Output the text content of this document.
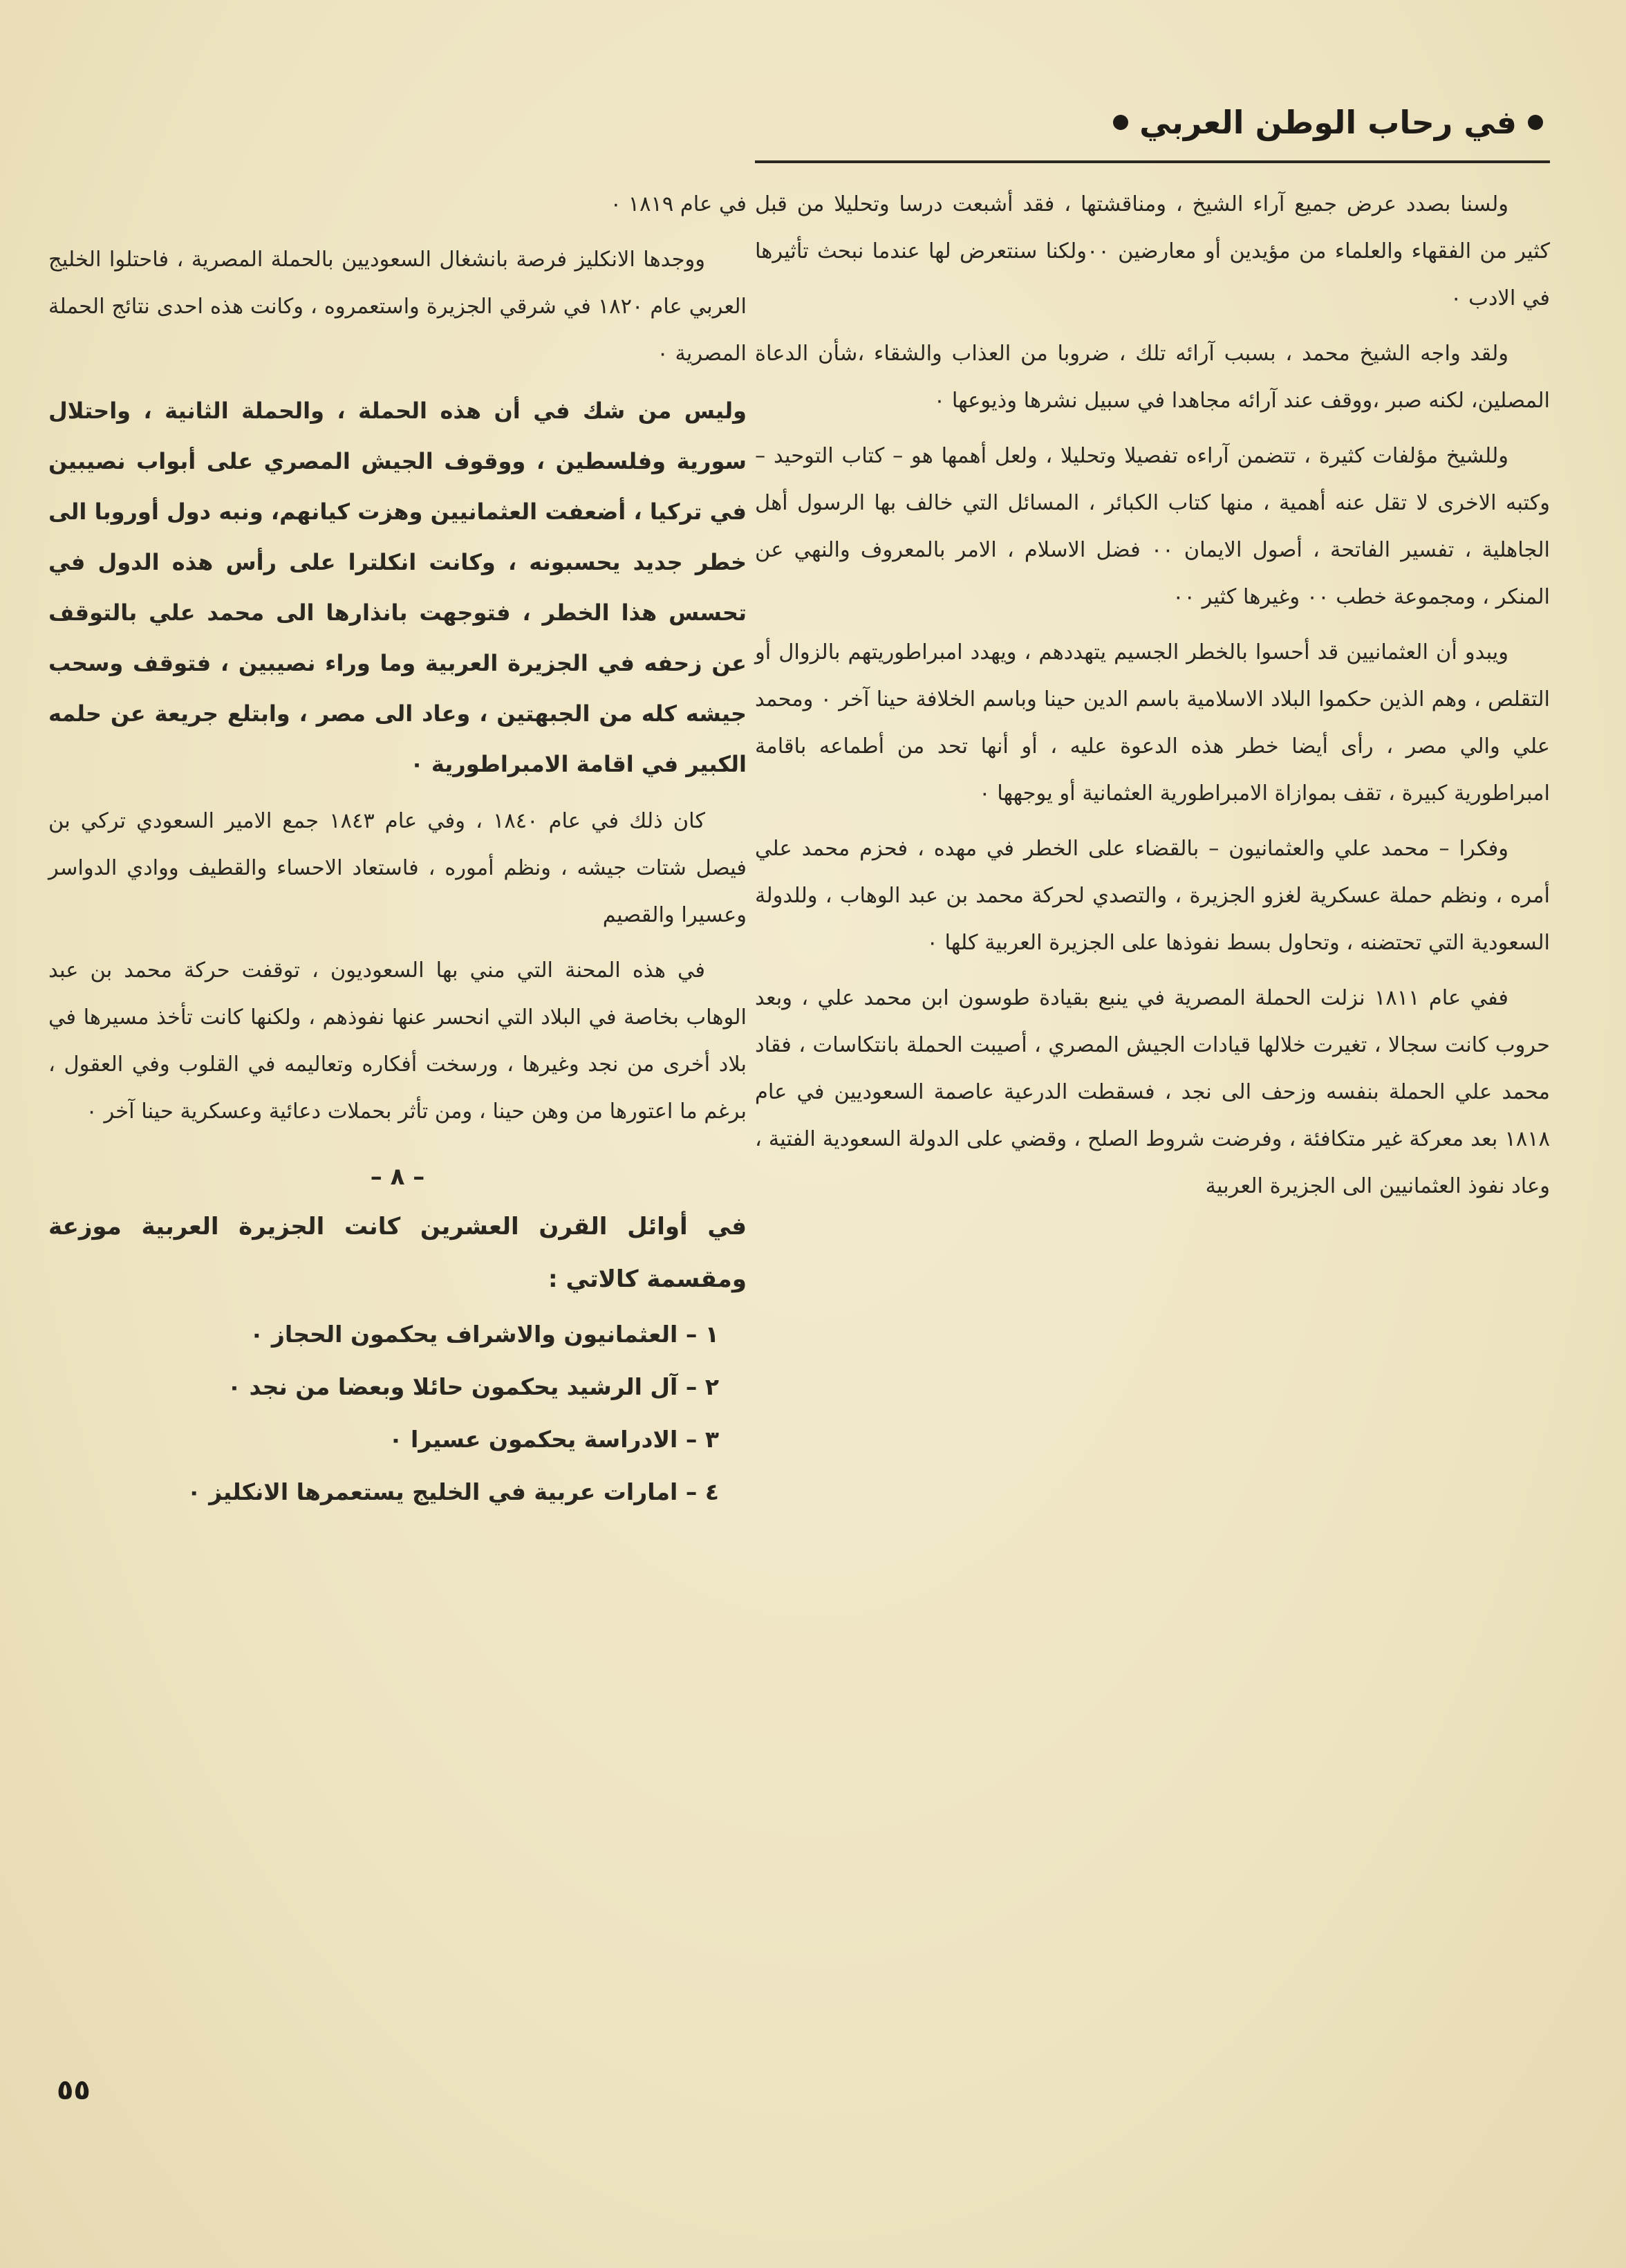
في رحاب الوطن العربي

ولسنا بصدد عرض جميع آراء الشيخ ، ومناقشتها ، فقد أشبعت درسا وتحليلا من قبل كثير من الفقهاء والعلماء من مؤيدين أو معارضين ٠٠ولكنا سنتعرض لها عندما نبحث تأثيرها في الادب ٠

ولقد واجه الشيخ محمد ، بسبب آرائه تلك ، ضروبا من العذاب والشقاء ،شأن الدعاة المصلين، لكنه صبر ،ووقف عند آرائه مجاهدا في سبيل نشرها وذيوعها ٠

وللشيخ مؤلفات كثيرة ، تتضمن آراءه تفصيلا وتحليلا ، ولعل أهمها هو – كتاب التوحيد – وكتبه الاخرى لا تقل عنه أهمية ، منها كتاب الكبائر ، المسائل التي خالف بها الرسول أهل الجاهلية ، تفسير الفاتحة ، أصول الايمان ٠٠ فضل الاسلام ، الامر بالمعروف والنهي عن المنكر ، ومجموعة خطب ٠٠ وغيرها كثير ٠٠

ويبدو أن العثمانيين قد أحسوا بالخطر الجسيم يتهددهم ، ويهدد امبراطوريتهم بالزوال أو التقلص ، وهم الذين حكموا البلاد الاسلامية باسم الدين حينا وباسم الخلافة حينا آخر ٠ ومحمد علي والي مصر ، رأى أيضا خطر هذه الدعوة عليه ، أو أنها تحد من أطماعه باقامة امبراطورية كبيرة ، تقف بموازاة الامبراطورية العثمانية أو يوجهها ٠

وفكرا – محمد علي والعثمانيون – بالقضاء على الخطر في مهده ، فحزم محمد علي أمره ، ونظم حملة عسكرية لغزو الجزيرة ، والتصدي لحركة محمد بن عبد الوهاب ، وللدولة السعودية التي تحتضنه ، وتحاول بسط نفوذها على الجزيرة العربية كلها ٠

ففي عام ١٨١١ نزلت الحملة المصرية في ينبع بقيادة طوسون ابن محمد علي ، وبعد حروب كانت سجالا ، تغيرت خلالها قيادات الجيش المصري ، أصيبت الحملة بانتكاسات ، فقاد محمد علي الحملة بنفسه وزحف الى نجد ، فسقطت الدرعية عاصمة السعوديين في عام ١٨١٨ بعد معركة غير متكافئة ، وفرضت شروط الصلح ، وقضي على الدولة السعودية الفتية ، وعاد نفوذ العثمانيين الى الجزيرة العربية

في عام ١٨١٩ ٠

ووجدها الانكليز فرصة بانشغال السعوديين بالحملة المصرية ، فاحتلوا الخليج العربي عام ١٨٢٠ في شرقي الجزيرة واستعمروه ، وكانت هذه احدى نتائج الحملة المصرية ٠

وليس من شك في أن هذه الحملة ، والحملة الثانية ، واحتلال سورية وفلسطين ، ووقوف الجيش المصري على أبواب نصيبين في تركيا ، أضعفت العثمانيين وهزت كيانهم، ونبه دول أوروبا الى خطر جديد يحسبونه ، وكانت انكلترا على رأس هذه الدول في تحسس هذا الخطر ، فتوجهت بانذارها الى محمد علي بالتوقف عن زحفه في الجزيرة العربية وما وراء نصيبين ، فتوقف وسحب جيشه كله من الجبهتين ، وعاد الى مصر ، وابتلع جريعة عن حلمه الكبير في اقامة الامبراطورية ٠

كان ذلك في عام ١٨٤٠ ، وفي عام ١٨٤٣ جمع الامير السعودي تركي بن فيصل شتات جيشه ، ونظم أموره ، فاستعاد الاحساء والقطيف ووادي الدواسر وعسيرا والقصيم

في هذه المحنة التي مني بها السعوديون ، توقفت حركة محمد بن عبد الوهاب بخاصة في البلاد التي انحسر عنها نفوذهم ، ولكنها كانت تأخذ مسيرها في بلاد أخرى من نجد وغيرها ، ورسخت أفكاره وتعاليمه في القلوب وفي العقول ، برغم ما اعتورها من وهن حينا ، ومن تأثر بحملات دعائية وعسكرية حينا آخر ٠

– ٨ –
في أوائل القرن العشرين كانت الجزيرة العربية موزعة ومقسمة كالاتي :
١ – العثمانيون والاشراف يحكمون الحجاز ٠
٢ – آل الرشيد يحكمون حائلا وبعضا من نجد ٠
٣ – الادراسة يحكمون عسيرا ٠
٤ – امارات عربية في الخليج يستعمرها الانكليز ٠
٥٥
